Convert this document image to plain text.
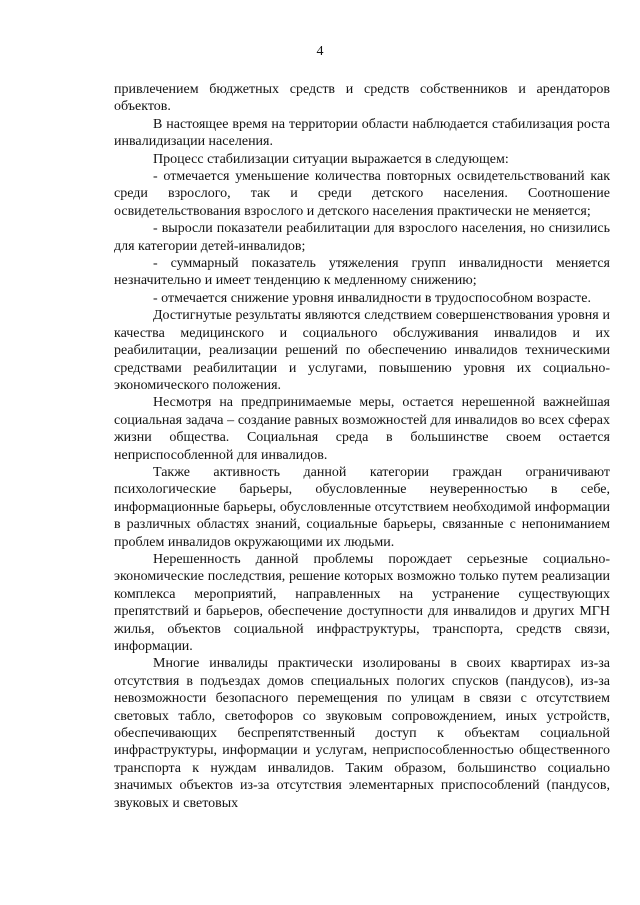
4

привлечением бюджетных средств и средств собственников и арендаторов объектов.

В настоящее время на территории области наблюдается стабилизация роста инвалидизации населения.

Процесс стабилизации ситуации выражается в следующем:

- отмечается уменьшение количества повторных освидетельствований как среди взрослого, так и среди детского населения. Соотношение освидетельствования взрослого и детского населения практически не меняется;

- выросли показатели реабилитации для взрослого населения, но снизились для категории детей-инвалидов;

- суммарный показатель утяжеления групп инвалидности меняется незначительно и имеет тенденцию к медленному снижению;

- отмечается снижение уровня инвалидности в трудоспособном возрасте.

Достигнутые результаты являются следствием совершенствования уровня и качества медицинского и социального обслуживания инвалидов и их реабилитации, реализации решений по обеспечению инвалидов техническими средствами реабилитации и услугами, повышению уровня их социально-экономического положения.

Несмотря на предпринимаемые меры, остается нерешенной важнейшая социальная задача – создание равных возможностей для инвалидов во всех сферах жизни общества. Социальная среда в большинстве своем остается неприспособленной для инвалидов.

Также активность данной категории граждан ограничивают психологические барьеры, обусловленные неуверенностью в себе, информационные барьеры, обусловленные отсутствием необходимой информации в различных областях знаний, социальные барьеры, связанные с непониманием проблем инвалидов окружающими их людьми.

Нерешенность данной проблемы порождает серьезные социально-экономические последствия, решение которых возможно только путем реализации комплекса мероприятий, направленных на устранение существующих препятствий и барьеров, обеспечение доступности для инвалидов и других МГН жилья, объектов социальной инфраструктуры, транспорта, средств связи, информации.

Многие инвалиды практически изолированы в своих квартирах из-за отсутствия в подъездах домов специальных пологих спусков (пандусов), из-за невозможности безопасного перемещения по улицам в связи с отсутствием световых табло, светофоров со звуковым сопровождением, иных устройств, обеспечивающих беспрепятственный доступ к объектам социальной инфраструктуры, информации и услугам, неприспособленностью общественного транспорта к нуждам инвалидов. Таким образом, большинство социально значимых объектов из-за отсутствия элементарных приспособлений (пандусов, звуковых и световых
